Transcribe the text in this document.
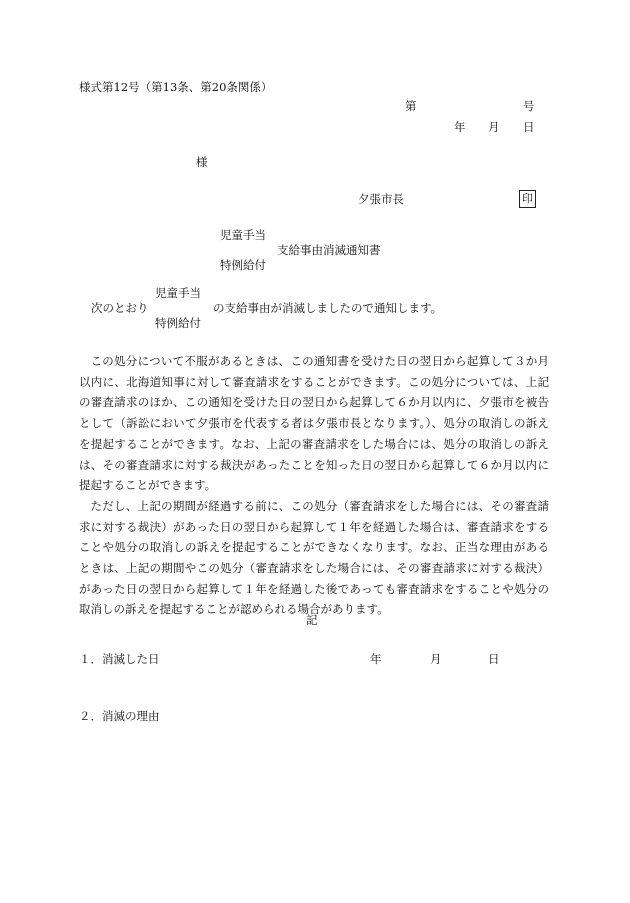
様式第12号（第13条、第20条関係）
第	号
年 月 日
様
夕張市長	印
児童手当
支給事由消滅通知書
特例給付
児童手当
次のとおり	の支給事由が消滅しましたので通知します。
特例給付

この処分について不服があるときは、この通知書を受けた日の翌日から起算して３か月以内に、北海道知事に対して審査請求をすることができます。この処分については、上記の審査請求のほか、この通知を受けた日の翌日から起算して６か月以内に、夕張市を被告として（訴訟において夕張市を代表する者は夕張市長となります。）、処分の取消しの訴えを提起することができます。なお、上記の審査請求をした場合には、処分の取消しの訴えは、その審査請求に対する裁決があったことを知った日の翌日から起算して６か月以内に提起することができます。

ただし、上記の期間が経過する前に、この処分（審査請求をした場合には、その審査請求に対する裁決）があった日の翌日から起算して１年を経過した場合は、審査請求をすることや処分の取消しの訴えを提起することができなくなります。なお、正当な理由があるときは、上記の期間やこの処分（審査請求をした場合には、その審査請求に対する裁決）があった日の翌日から起算して１年を経過した後であっても審査請求をすることや処分の取消しの訴えを提起することが認められる場合があります。

記
１．消滅した日	年	月	日
２．消滅の理由
